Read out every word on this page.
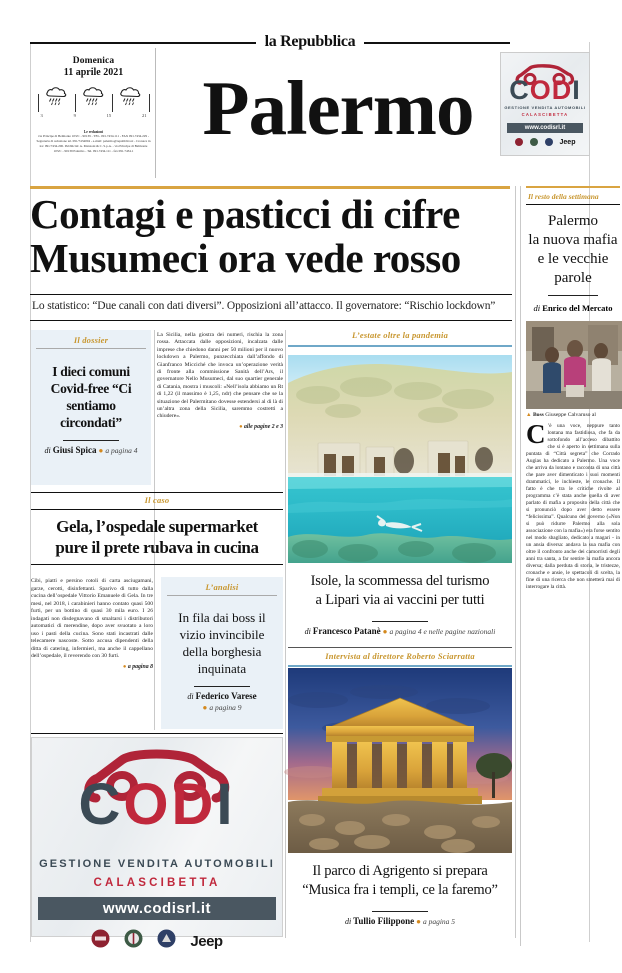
la Repubblica
Domenica
11 aprile 2021
3	9	15	21
Le redazioni
via Principe di Belmonte 103/C - 90139 - TEL. 091.7434.111 - FAX 091.7434.229 - Segreteria di redazione tel. 091/7434004 - e-mail: palermo@repubblica.it - Cronaca in tre: 091/7434.206. Pubblicità: A. Manzoni & C. S.p.A. - via Principe di Belmonte 103/C - 90139 Palermo - Tel. 091.7434.111 - fax 091.7434.1 Palermo	CODI
GESTIONE VENDITA AUTOMOBILI
CALASCIBETTA
www.codisrl.it
Jeep
Contagi e pasticci di cifre
Musumeci ora vede rosso
Lo statistico: “Due canali con dati diversi”. Opposizioni all’attacco. Il governatore: “Rischio lockdown”
Il dossier
I dieci comuni Covid-free “Ci sentiamo circondati”
di Giusi Spica ● a pagina 4
La Sicilia, nella giostra dei numeri, rischia la zona rossa. Attaccata dalle opposizioni, incalzata dalle imprese che chiedono danni per 50 milioni per il nuovo lockdown a Palermo, punzecchiata dall’affondo di Gianfranco Micciché che invoca un’operazione verità di fronte alla commissione Sanità dell’Ars, il governatore Nello Musumeci, dal suo quartier generale di Catania, mostra i muscoli: «Nell’isola abbiamo un Rt di 1,22 (il massimo è 1,25, ndr) che pensare che se la situazione del Palermitano dovesse estendersi al di là di un’altra zona della Sicilia, saremmo costretti a chiudere».
● alle pagine 2 e 3
Il caso
Gela, l’ospedale supermarket
pure il prete rubava in cucina
Cibi, piatti e persino rotoli di carta asciugamani, garze, cerotti, disinfettanti. Sparivo di tutto dalla cucina dell’ospedale Vittorio Emanuele di Gela. In tre mesi, nel 2018, i carabinieri hanno contato quasi 500 furti, per un bottino di quasi 30 mila euro. I 26 indagati non disdegnavano di smaltarsi i distributori automatici di merendine, dopo aver svuotato a loro uso i pasti della cucina. Sono stati incastrati dalle telecamere nascoste. Sotto accusa dipendenti della ditta di catering, infermieri, ma anche il cappellano dell’ospedale, il reverendo con 30 furti.
● a pagina 8
L’analisi
In fila dai boss il vizio invincibile della borghesia inquinata
di Federico Varese
● a pagina 9
L’estate oltre la pandemia
Isole, la scommessa del turismo
a Lipari via ai vaccini per tutti
di Francesco Patanè ● a pagina 4 e nelle pagine nazionali
Intervista al direttore Roberto Sciarratta
Il parco di Agrigento si prepara
“Musica fra i templi, ce la faremo”
di Tullio Filippone ● a pagina 5
CODI
GESTIONE VENDITA AUTOMOBILI
CALASCIBETTA
www.codisrl.it
Jeep
Il resto della settimana
Palermo
la nuova mafia
e le vecchie
parole
di Enrico del Mercato
▲ Boss Giuseppe Calvaruso al
C ’è una voce, neppure tanto lontana ma fastidiosa, che fa da sottofondo all’acceso dibattito che si è aperto in settimana sulla puntata di “Città segreta” che Corrado Augias ha dedicato a Palermo. Una voce che arriva da lontano e racconta di una città che pare aver dimenticato i suoi momenti drammatici, le inchieste, le cronache. Il fatto è che tra le critiche rivolte al programma c’è stata anche quella di aver parlato di mafia a proposito della città che si pronunciò dopo aver detto essere “felicissima”. Qualcuno del governo («Non si può ridurre Palermo alla sola associazione con la mafia») era forse sentito nel modo sbagliato, dedicato a magari - in un ansia diversa: andava la sua mafia con oltre il confronto anche dei camorristi degli anni tra santa, a far sentire la mafia ancora diversa; dalla perduta di storia, le tristezze, cronache e ansie, le spettacoli di scelta, la fine di una ricerca che non smetterà mai di interrogare la città.
